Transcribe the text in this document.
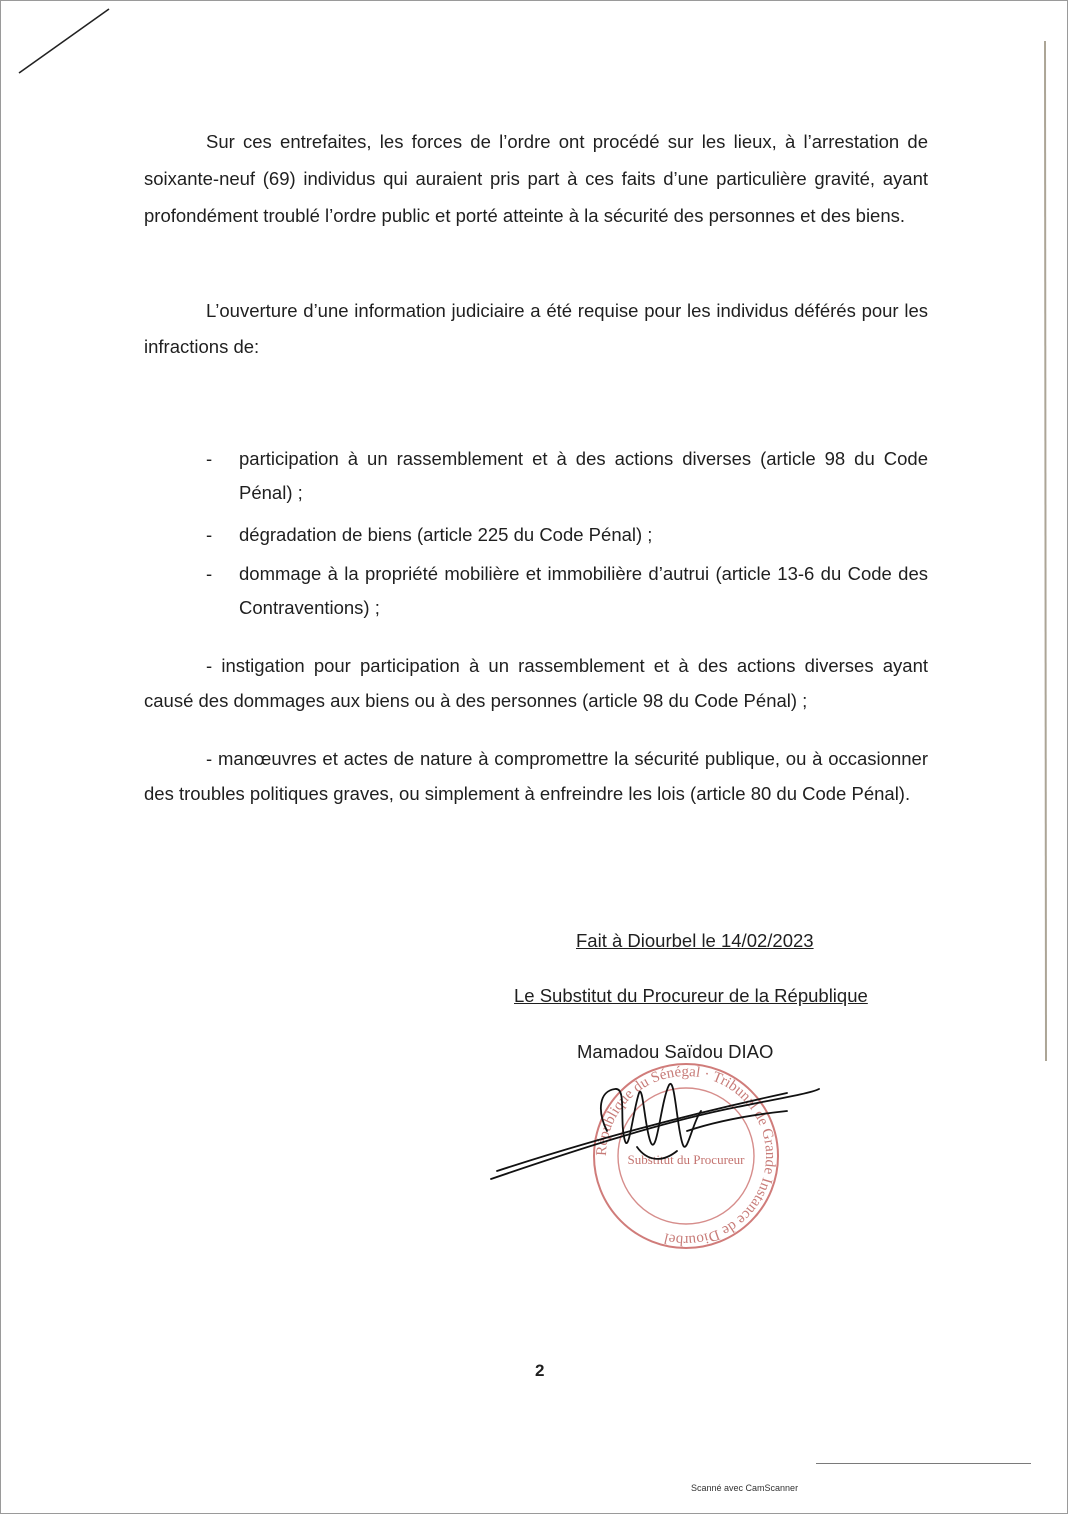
Sur ces entrefaites, les forces de l’ordre ont procédé sur les lieux, à l’arrestation de soixante-neuf (69) individus qui auraient pris part à ces faits d’une particulière gravité, ayant profondément troublé l’ordre public et porté atteinte à la sécurité des personnes et des biens.

L’ouverture d’une information judiciaire a été requise pour les individus déférés pour les infractions de:

-	participation à un rassemblement et à des actions diverses (article 98 du Code Pénal) ;
-	dégradation de biens (article 225 du Code Pénal) ;
-	dommage à la propriété mobilière et immobilière d’autrui (article 13-6 du Code des Contraventions) ;

- instigation pour participation à un rassemblement et à des actions diverses ayant causé des dommages aux biens ou à des personnes (article 98 du Code Pénal) ;

- manœuvres et actes de nature à compromettre la sécurité publique, ou à occasionner des troubles politiques graves, ou simplement à enfreindre les lois (article 80 du Code Pénal).

Fait à Diourbel le 14/02/2023
Le Substitut du Procureur de la République
République du Sénégal · Tribunal de Grande Instance de Diourbel
Substitut du Procureur
Mamadou Saïdou DIAO
2
Scanné avec CamScanner
